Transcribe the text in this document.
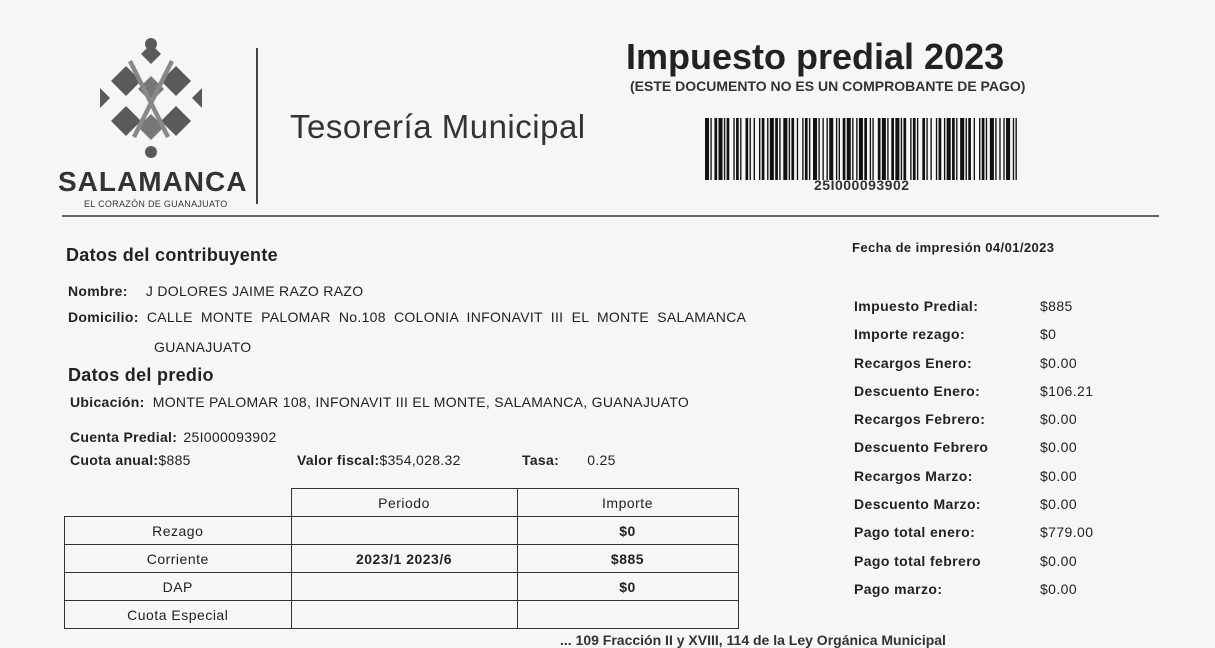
SALAMANCA
EL CORAZÓN DE GUANAJUATO
Tesorería Municipal
Impuesto predial 2023
(ESTE DOCUMENTO NO ES UN COMPROBANTE DE PAGO)
25I000093902
Datos del contribuyente
Nombre: J DOLORES JAIME RAZO RAZO
Domicilio: CALLE MONTE PALOMAR No.108 COLONIA INFONAVIT III EL MONTE SALAMANCA
GUANAJUATO
Datos del predio
Ubicación: MONTE PALOMAR 108, INFONAVIT III EL MONTE, SALAMANCA, GUANAJUATO
Cuenta Predial: 25I000093902
Cuota anual:$885	Valor fiscal:$354,028.32	Tasa: 0.25
	Periodo	Importe
Rezago		$0
Corriente	2023/1 2023/6	$885
DAP		$0
Cuota Especial		
Fecha de impresión 04/01/2023
Impuesto Predial:	$885
Importe rezago:	$0
Recargos Enero:	$0.00
Descuento Enero:	$106.21
Recargos Febrero:	$0.00
Descuento Febrero	$0.00
Recargos Marzo:	$0.00
Descuento Marzo:	$0.00
Pago total enero:	$779.00
Pago total febrero	$0.00
Pago marzo:	$0.00
... 109 Fracción II y XVIII, 114 de la Ley Orgánica Municipal
